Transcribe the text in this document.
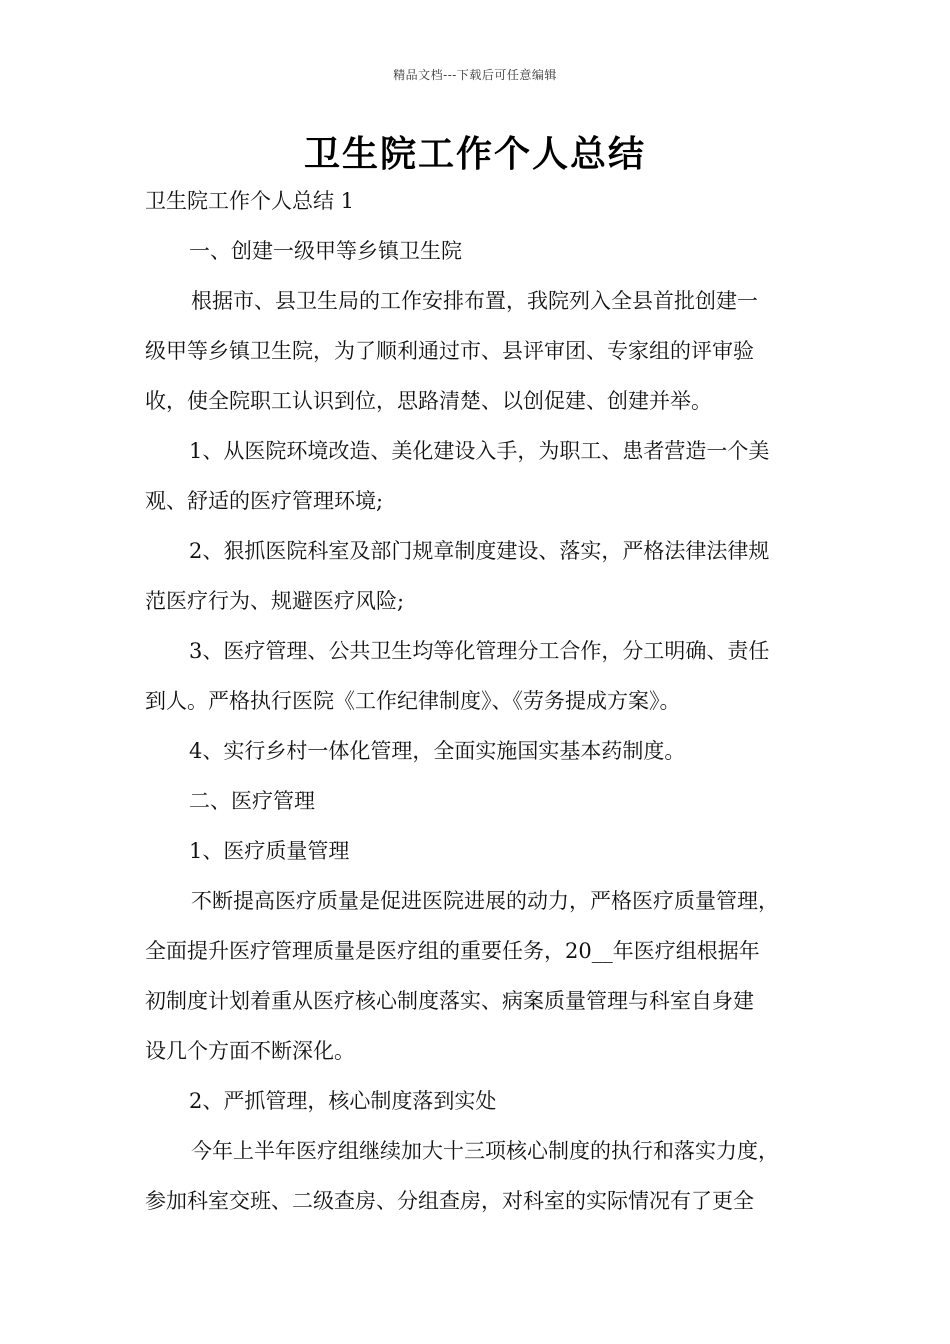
精品文档---下载后可任意编辑
卫生院工作个人总结
卫生院工作个人总结 1
一、创建一级甲等乡镇卫生院
根据市、县卫生局的工作安排布置，我院列入全县首批创建一
级甲等乡镇卫生院，为了顺利通过市、县评审团、专家组的评审验
收，使全院职工认识到位，思路清楚、以创促建、创建并举。
1、从医院环境改造、美化建设入手，为职工、患者营造一个美
观、舒适的医疗管理环境;
2、狠抓医院科室及部门规章制度建设、落实，严格法律法律规
范医疗行为、规避医疗风险;
3、医疗管理、公共卫生均等化管理分工合作，分工明确、责任
到人。严格执行医院《工作纪律制度》、《劳务提成方案》。
4、实行乡村一体化管理，全面实施国实基本药制度。
二、医疗管理
1、医疗质量管理
不断提高医疗质量是促进医院进展的动力，严格医疗质量管理，
全面提升医疗管理质量是医疗组的重要任务，20__年医疗组根据年
初制度计划着重从医疗核心制度落实、病案质量管理与科室自身建
设几个方面不断深化。
2、严抓管理，核心制度落到实处
今年上半年医疗组继续加大十三项核心制度的执行和落实力度，
参加科室交班、二级查房、分组查房，对科室的实际情况有了更全
